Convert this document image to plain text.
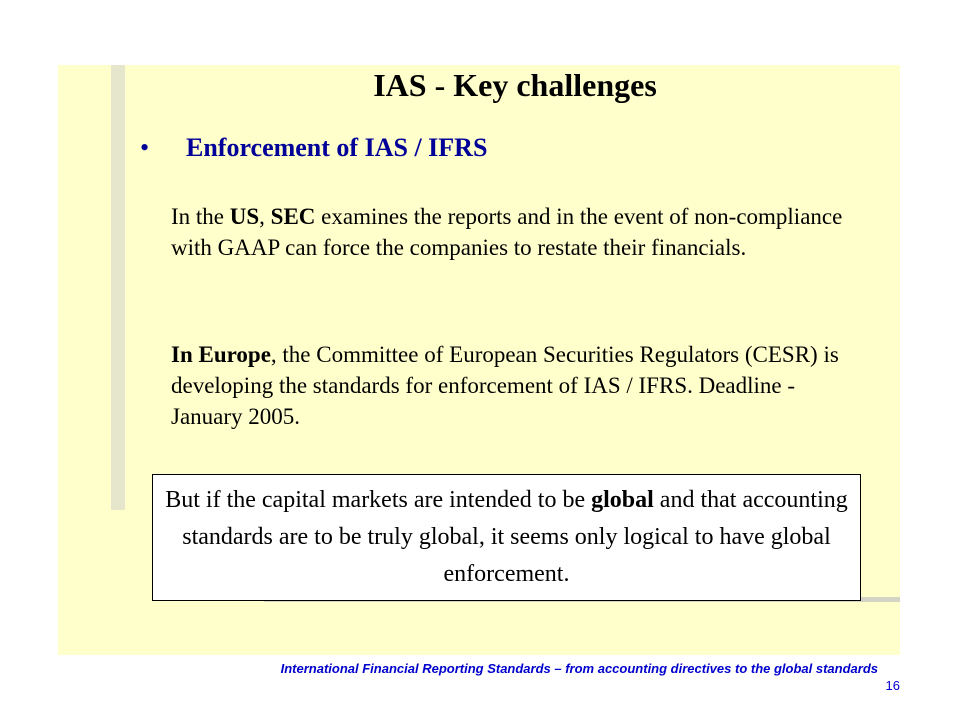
IAS - Key challenges
•	Enforcement of IAS / IFRS

In the US, SEC examines the reports and in the event of non-compliance with GAAP can force the companies to restate their financials.

In Europe, the Committee of European Securities Regulators (CESR) is developing the standards for enforcement of IAS / IFRS. Deadline - January 2005.

But if the capital markets are intended to be global and that accounting standards are to be truly global, it seems only logical to have global enforcement.
International Financial Reporting Standards – from accounting directives to the global standards
16
